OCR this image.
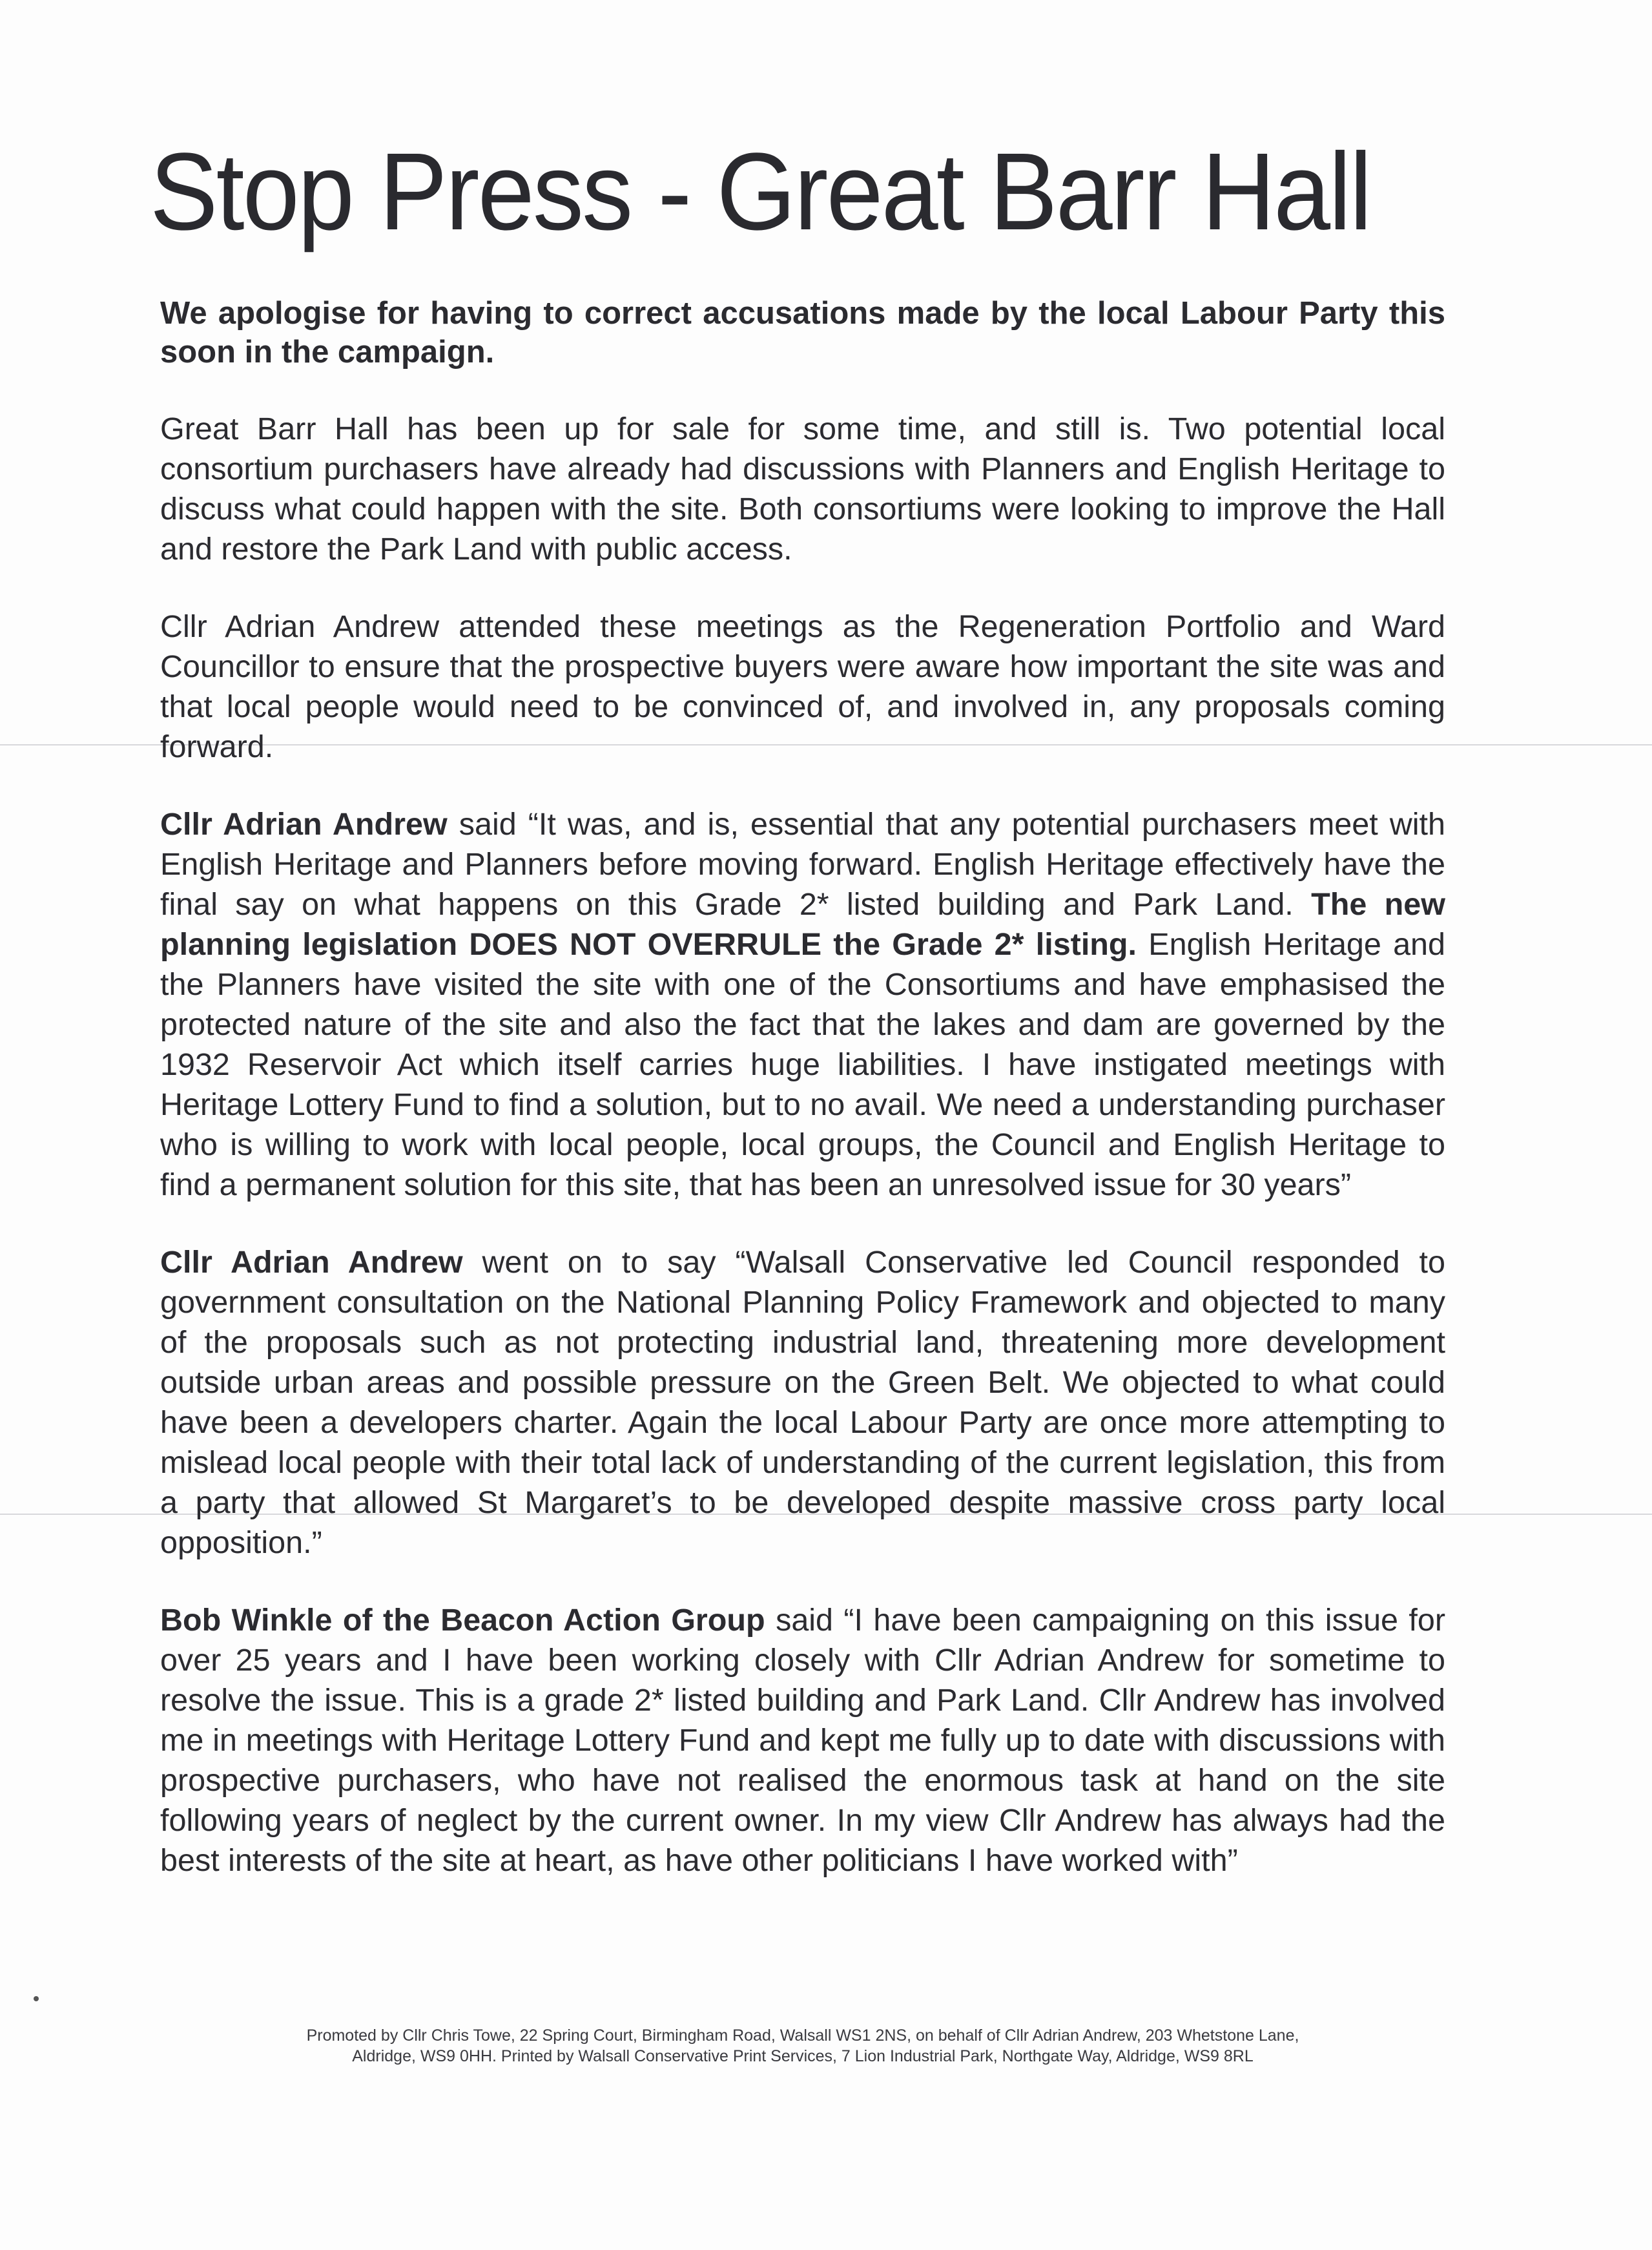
Stop Press - Great Barr Hall

We apologise for having to correct accusations made by the local Labour Party this soon in the campaign.

Great Barr Hall has been up for sale for some time, and still is. Two potential local consortium purchasers have already had discussions with Planners and English Heritage to discuss what could happen with the site. Both consortiums were looking to improve the Hall and restore the Park Land with public access.

Cllr Adrian Andrew attended these meetings as the Regeneration Portfolio and Ward Councillor to ensure that the prospective buyers were aware how important the site was and that local people would need to be convinced of, and involved in, any proposals coming forward.

Cllr Adrian Andrew said “It was, and is, essential that any potential purchasers meet with English Heritage and Planners before moving forward. English Heritage effectively have the final say on what happens on this Grade 2* listed building and Park Land. The new planning legislation DOES NOT OVERRULE the Grade 2* listing. English Heritage and the Planners have visited the site with one of the Consortiums and have emphasised the protected nature of the site and also the fact that the lakes and dam are governed by the 1932 Reservoir Act which itself carries huge liabilities. I have instigated meetings with Heritage Lottery Fund to find a solution, but to no avail. We need a understanding purchaser who is willing to work with local people, local groups, the Council and English Heritage to find a permanent solution for this site, that has been an unresolved issue for 30 years”

Cllr Adrian Andrew went on to say “Walsall Conservative led Council responded to government consultation on the National Planning Policy Framework and objected to many of the proposals such as not protecting industrial land, threatening more development outside urban areas and possible pressure on the Green Belt. We objected to what could have been a developers charter. Again the local Labour Party are once more attempting to mislead local people with their total lack of understanding of the current legislation, this from a party that allowed St Margaret’s to be developed despite massive cross party local opposition.”

Bob Winkle of the Beacon Action Group said “I have been campaigning on this issue for over 25 years and I have been working closely with Cllr Adrian Andrew for sometime to resolve the issue. This is a grade 2* listed building and Park Land. Cllr Andrew has involved me in meetings with Heritage Lottery Fund and kept me fully up to date with discussions with prospective purchasers, who have not realised the enormous task at hand on the site following years of neglect by the current owner. In my view Cllr Andrew has always had the best interests of the site at heart, as have other politicians I have worked with”

Promoted by Cllr Chris Towe, 22 Spring Court, Birmingham Road, Walsall WS1 2NS, on behalf of Cllr Adrian Andrew, 203 Whetstone Lane,
Aldridge, WS9 0HH. Printed by Walsall Conservative Print Services, 7 Lion Industrial Park, Northgate Way, Aldridge, WS9 8RL
